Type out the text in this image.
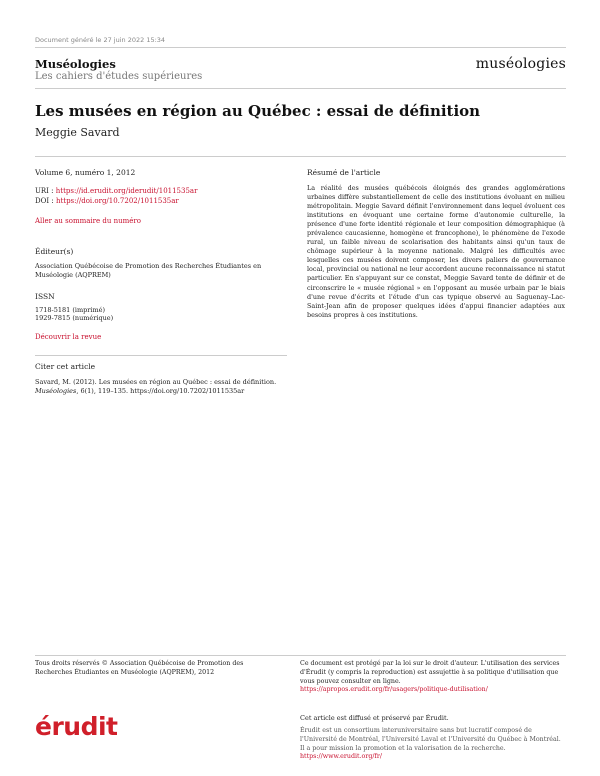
Document généré le 27 juin 2022 15:34
Muséologies
Les cahiers d'études supérieures
muséologies
Les musées en région au Québec : essai de définition
Meggie Savard
Volume 6, numéro 1, 2012
URI : https://id.erudit.org/iderudit/1011535ar
DOI : https://doi.org/10.7202/1011535ar
Aller au sommaire du numéro
Éditeur(s)
Association Québécoise de Promotion des Recherches Étudiantes en Muséologie (AQPREM)
ISSN
1718-5181 (imprimé)
1929-7815 (numérique)
Découvrir la revue
Citer cet article
Savard, M. (2012). Les musées en région au Québec : essai de définition.
Muséologies, 6(1), 119–135. https://doi.org/10.7202/1011535ar
Résumé de l'article
La réalité des musées québécois éloignés des grandes agglomérations urbaines diffère substantiellement de celle des institutions évoluant en milieu métropolitain. Meggie Savard définit l'environnement dans lequel évoluent ces institutions en évoquant une certaine forme d'autonomie culturelle, la présence d'une forte identité régionale et leur composition démographique (à prévalence caucasienne, homogène et francophone), le phénomène de l'exode rural, un faible niveau de scolarisation des habitants ainsi qu'un taux de chômage supérieur à la moyenne nationale. Malgré les difficultés avec lesquelles ces musées doivent composer, les divers paliers de gouvernance local, provincial ou national ne leur accordent aucune reconnaissance ni statut particulier. En s'appuyant sur ce constat, Meggie Savard tente de définir et de circonscrire le « musée régional » en l'opposant au musée urbain par le biais d'une revue d'écrits et l'étude d'un cas typique observé au Saguenay–Lac-Saint-Jean afin de proposer quelques idées d'appui financier adaptées aux besoins propres à ces institutions.
Tous droits réservés © Association Québécoise de Promotion des Recherches Étudiantes en Muséologie (AQPREM), 2012
Ce document est protégé par la loi sur le droit d'auteur. L'utilisation des services d'Érudit (y compris la reproduction) est assujettie à sa politique d'utilisation que vous pouvez consulter en ligne.
https://apropos.erudit.org/fr/usagers/politique-dutilisation/
érudit	Cet article est diffusé et préservé par Érudit.
Érudit est un consortium interuniversitaire sans but lucratif composé de l'Université de Montréal, l'Université Laval et l'Université du Québec à Montréal. Il a pour mission la promotion et la valorisation de la recherche.
https://www.erudit.org/fr/
